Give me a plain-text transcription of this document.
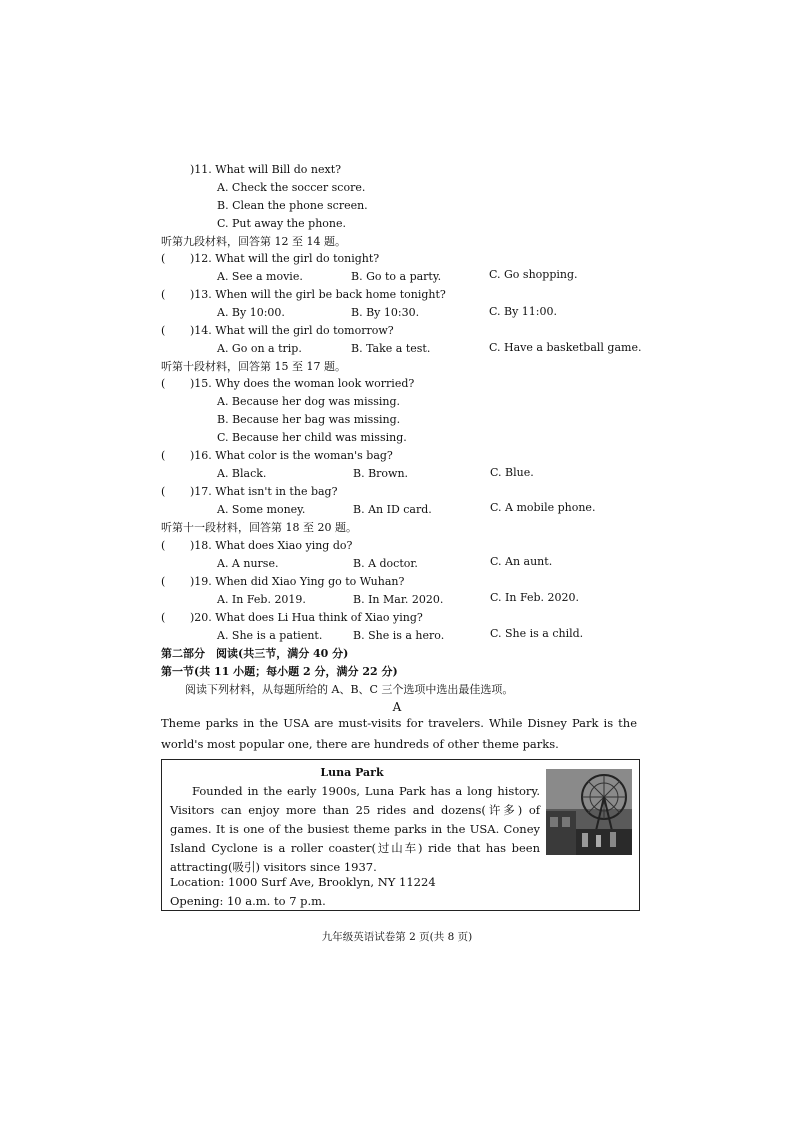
)11. What will Bill do next?
A. Check the soccer score.
B. Clean the phone screen.
C. Put away the phone.
听第九段材料，回答第 12 至 14 题。
( )12. What will the girl do tonight?
A. See a movie.	B. Go to a party.	C. Go shopping.
( )13. When will the girl be back home tonight?
A. By 10:00.	B. By 10:30.	C. By 11:00.
( )14. What will the girl do tomorrow?
A. Go on a trip.	B. Take a test.	C. Have a basketball game.
听第十段材料，回答第 15 至 17 题。
( )15. Why does the woman look worried?
A. Because her dog was missing.
B. Because her bag was missing.
C. Because her child was missing.
( )16. What color is the woman's bag?
A. Black.	B. Brown.	C. Blue.
( )17. What isn't in the bag?
A. Some money.	B. An ID card.	C. A mobile phone.
听第十一段材料，回答第 18 至 20 题。
( )18. What does Xiao ying do?
A. A nurse.	B. A doctor.	C. An aunt.
( )19. When did Xiao Ying go to Wuhan?
A. In Feb. 2019.	B. In Mar. 2020.	C. In Feb. 2020.
( )20. What does Li Hua think of Xiao ying?
A. She is a patient.	B. She is a hero.	C. She is a child.
第二部分　阅读(共三节，满分 40 分)
第一节(共 11 小题；每小题 2 分，满分 22 分)
阅读下列材料，从每题所给的 A、B、C 三个选项中选出最佳选项。
A
Theme parks in the USA are must-visits for travelers. While Disney Park is the world's most popular one, there are hundreds of other theme parks.
Luna Park
Founded in the early 1900s, Luna Park has a long history. Visitors can enjoy more than 25 rides and dozens(许多) of games. It is one of the busiest theme parks in the USA. Coney Island Cyclone is a roller coaster(过山车) ride that has been attracting(吸引) visitors since 1937.
Location: 1000 Surf Ave, Brooklyn, NY 11224
Opening: 10 a.m. to 7 p.m.
九年级英语试卷第 2 页(共 8 页)
